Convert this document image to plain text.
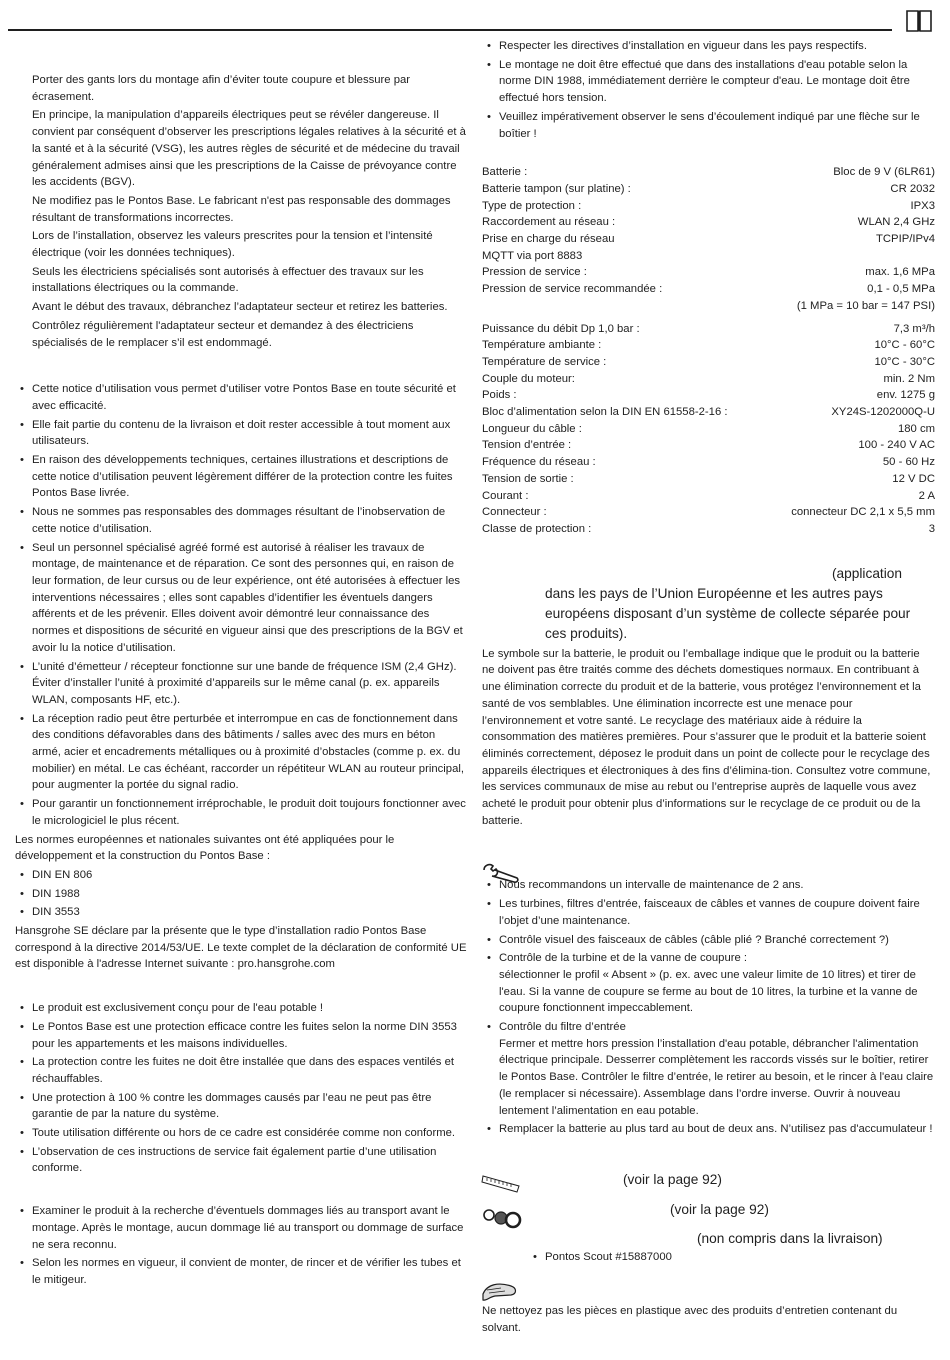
Porter des gants lors du montage afin d’éviter toute coupure et blessure par écrasement.

En principe, la manipulation d’appareils électriques peut se révéler dangereuse. Il convient par conséquent d’observer les prescriptions légales relatives à la sécurité et à la santé et à la sécurité (VSG), les autres règles de sécurité et de médecine du travail généralement admises ainsi que les prescriptions de la Caisse de prévoyance contre les accidents (BGV).

Ne modifiez pas le Pontos Base. Le fabricant n'est pas responsable des dommages résultant de transformations incorrectes.

Lors de l’installation, observez les valeurs prescrites pour la tension et l’intensité électrique (voir les données techniques).

Seuls les électriciens spécialisés sont autorisés à effectuer des travaux sur les installations électriques ou la commande.

Avant le début des travaux, débranchez l’adaptateur secteur et retirez les batteries.

Contrôlez régulièrement l'adaptateur secteur et demandez à des électriciens spécialisés de le remplacer s’il est endommagé.

• Cette notice d’utilisation vous permet d’utiliser votre Pontos Base en toute sécurité et avec efficacité.
• Elle fait partie du contenu de la livraison et doit rester accessible à tout moment aux utilisateurs.
• En raison des développements techniques, certaines illustrations et descriptions de cette notice d’utilisation peuvent légèrement différer de la protection contre les fuites Pontos Base livrée.
• Nous ne sommes pas responsables des dommages résultant de l’inobservation de cette notice d’utilisation.
• Seul un personnel spécialisé agréé formé est autorisé à réaliser les travaux de montage, de maintenance et de réparation. Ce sont des personnes qui, en raison de leur formation, de leur cursus ou de leur expérience, ont été autorisées à effectuer les interventions nécessaires ; elles sont capables d’identifier les éventuels dangers afférents et de les prévenir. Elles doivent avoir démontré leur connaissance des normes et dispositions de sécurité en vigueur ainsi que des prescriptions de la BGV et avoir lu la notice d’utilisation.
• L’unité d’émetteur / récepteur fonctionne sur une bande de fréquence ISM (2,4 GHz). Éviter d’installer l’unité à proximité d’appareils sur le même canal (p. ex. appareils WLAN, composants HF, etc.).
• La réception radio peut être perturbée et interrompue en cas de fonctionnement dans des conditions défavorables dans des bâtiments / salles avec des murs en béton armé, acier et encadrements métalliques ou à proximité d’obstacles (comme p. ex. du mobilier) en métal. Le cas échéant, raccorder un répétiteur WLAN au routeur principal, pour augmenter la portée du signal radio.
• Pour garantir un fonctionnement irréprochable, le produit doit toujours fonctionner avec le micrologiciel le plus récent.

Les normes européennes et nationales suivantes ont été appliquées pour le développement et la construction du Pontos Base :

• DIN EN 806
• DIN 1988
• DIN 3553

Hansgrohe SE déclare par la présente que le type d’installation radio Pontos Base correspond à la directive 2014/53/UE. Le texte complet de la déclaration de conformité UE est disponible à l'adresse Internet suivante : pro.hansgrohe.com

• Le produit est exclusivement conçu pour de l'eau potable !
• Le Pontos Base est une protection efficace contre les fuites selon la norme DIN 3553 pour les appartements et les maisons individuelles.
• La protection contre les fuites ne doit être installée que dans des espaces ventilés et réchauffables.
• Une protection à 100 % contre les dommages causés par l’eau ne peut pas être garantie de par la nature du système.
• Toute utilisation différente ou hors de ce cadre est considérée comme non conforme.
• L’observation de ces instructions de service fait également partie d’une utilisation conforme.
• Examiner le produit à la recherche d’éventuels dommages liés au transport avant le montage. Après le montage, aucun dommage lié au transport ou dommage de surface ne sera reconnu.
• Selon les normes en vigueur, il convient de monter, de rincer et de vérifier les tubes et le mitigeur.
• Respecter les directives d’installation en vigueur dans les pays respectifs.
• Le montage ne doit être effectué que dans des installations d'eau potable selon la norme DIN 1988, immédiatement derrière le compteur d'eau. Le montage doit être effectué hors tension.
• Veuillez impérativement observer le sens d’écoulement indiqué par une flèche sur le boîtier !
Batterie :	Bloc de 9 V (6LR61)
Batterie tampon (sur platine) :	CR 2032
Type de protection :	IPX3
Raccordement au réseau :	WLAN 2,4 GHz
Prise en charge du réseau	TCPIP/IPv4
MQTT via port 8883
Pression de service :	max. 1,6 MPa
Pression de service recommandée :	0,1 - 0,5 MPa
(1 MPa = 10 bar = 147 PSI)
Puissance du débit Dp 1,0 bar :	7,3 m³/h
Température ambiante :	10°C - 60°C
Température de service :	10°C - 30°C
Couple du moteur:	min. 2 Nm
Poids :	env. 1275 g
Bloc d’alimentation selon la DIN EN 61558-2-16 :	XY24S-1202000Q-U
Longueur du câble :	180 cm
Tension d’entrée :	100 - 240 V AC
Fréquence du réseau :	50 - 60 Hz
Tension de sortie :	12 V DC
Courant :	2 A
Connecteur :	connecteur DC 2,1 x 5,5 mm
Classe de protection :	3
(application
dans les pays de l’Union Européenne et les autres pays européens disposant d’un système de collecte séparée pour ces produits).

Le symbole sur la batterie, le produit ou l’emballage indique que le produit ou la batterie ne doivent pas être traités comme des déchets domestiques normaux. En contribuant à une élimination correcte du produit et de la batterie, vous protégez l’environnement et la santé de vos semblables. Une élimination incorrecte est une menace pour l’environnement et votre santé. Le recyclage des matériaux aide à réduire la consommation des matières premières. Pour s’assurer que le produit et la batterie soient éliminés correctement, déposez le produit dans un point de collecte pour le recyclage des appareils électriques et électroniques à des fins d’élimina-tion. Consultez votre commune, les services communaux de mise au rebut ou l’entreprise auprès de laquelle vous avez acheté le produit pour obtenir plus d’informations sur le recyclage de ce produit ou de la batterie.

• Nous recommandons un intervalle de maintenance de 2 ans.
• Les turbines, filtres d’entrée, faisceaux de câbles et vannes de coupure doivent faire l’objet d’une maintenance.
• Contrôle visuel des faisceaux de câbles (câble plié ? Branché correctement ?)
• Contrôle de la turbine et de la vanne de coupure :
sélectionner le profil « Absent » (p. ex. avec une valeur limite de 10 litres) et tirer de l'eau. Si la vanne de coupure se ferme au bout de 10 litres, la turbine et la vanne de coupure fonctionnent impeccablement.
• Contrôle du filtre d’entrée
Fermer et mettre hors pression l’installation d'eau potable, débrancher l'alimentation électrique principale. Desserrer complètement les raccords vissés sur le boîtier, retirer le Pontos Base. Contrôler le filtre d’entrée, le retirer au besoin, et le rincer à l'eau claire (le remplacer si nécessaire). Assemblage dans l’ordre inverse. Ouvrir à nouveau lentement l’alimentation en eau potable.
• Remplacer la batterie au plus tard au bout de deux ans. N’utilisez pas d'accumulateur !
(voir la page 92)
(voir la page 92)
(non compris dans la livraison)
• Pontos Scout #15887000

Ne nettoyez pas les pièces en plastique avec des produits d’entretien contenant du solvant.
